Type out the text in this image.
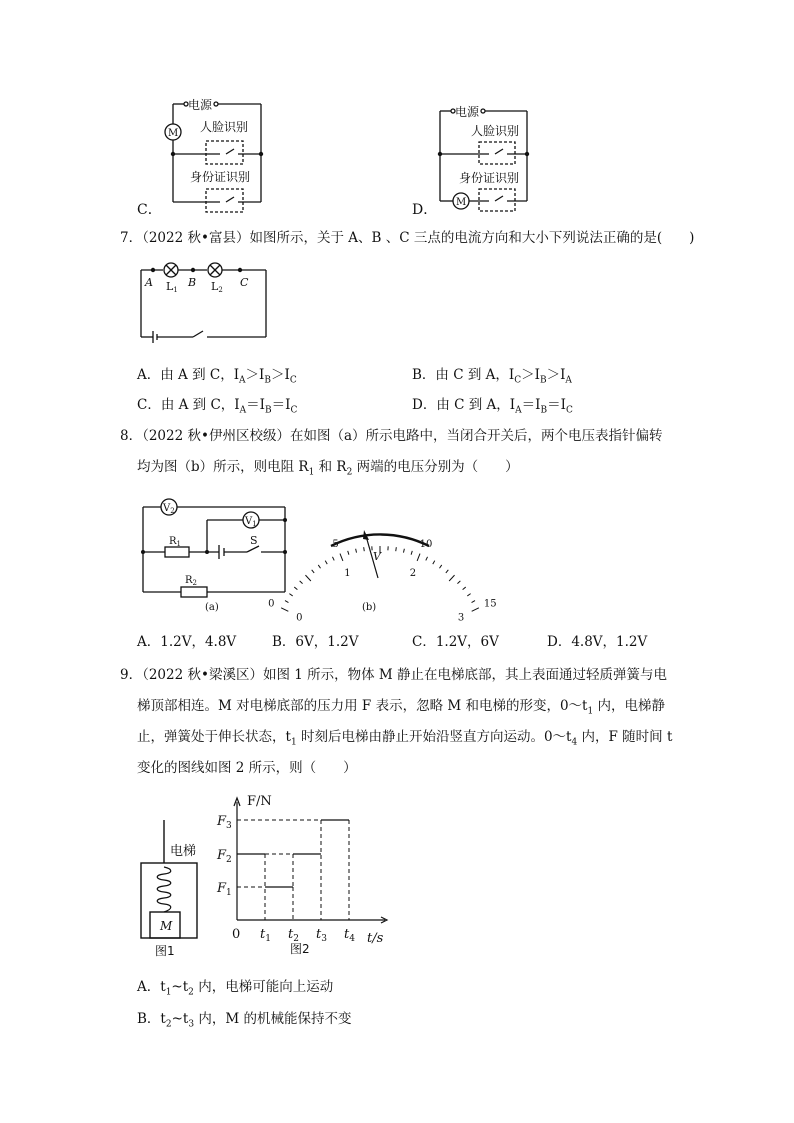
电源
M 人脸识别
身份证识别
C．
电源
人脸识别
身份证识别
M
D．
7．（2022 秋•富县）如图所示，关于 A、B 、C 三点的电流方向和大小下列说法正确的是(　　)
A	B	C
L1	L2
A．由 A 到 C，$I_A>I_B>I_C$	B．由 C 到 A，$I_C>I_B>I_A$
C．由 A 到 C，$I_A=I_B=I_C$	D．由 C 到 A，$I_A=I_B=I_C$
8．（2022 秋•伊州区校级）在如图（a）所示电路中，当闭合开关后，两个电压表指针偏转
均为图（b）所示，则电阻 $R_1$ 和 $R_2$ 两端的电压分别为（　　）
$V_2$
$V_1$
$R_1$	S
$R_2$
(a)	0
5	10
15
0
1	2
3
V
(b)
A．1.2V，4.8V	B．6V，1.2V	C．1.2V，6V	D．4.8V，1.2V
9．（2022 秋•梁溪区）如图 1 所示，物体 M 静止在电梯底部，其上表面通过轻质弹簧与电
梯顶部相连。M 对电梯底部的压力用 F 表示，忽略 M 和电梯的形变，$0\sim t_1$ 内，电梯静
止，弹簧处于伸长状态，$t_1$ 时刻后电梯由静止开始沿竖直方向运动。$0\sim t_4$ 内，F 随时间 t
变化的图线如图 2 所示，则（　　）
电梯
M
图1
$F_3$
$F_2$
$F_1$
$t_1$ $t_2$ $t_3$ $t_4$
F/N
t/s
0
图2
A．$t_1\sim t_2$ 内，电梯可能向上运动
B．$t_2\sim t_3$ 内，M 的机械能保持不变
